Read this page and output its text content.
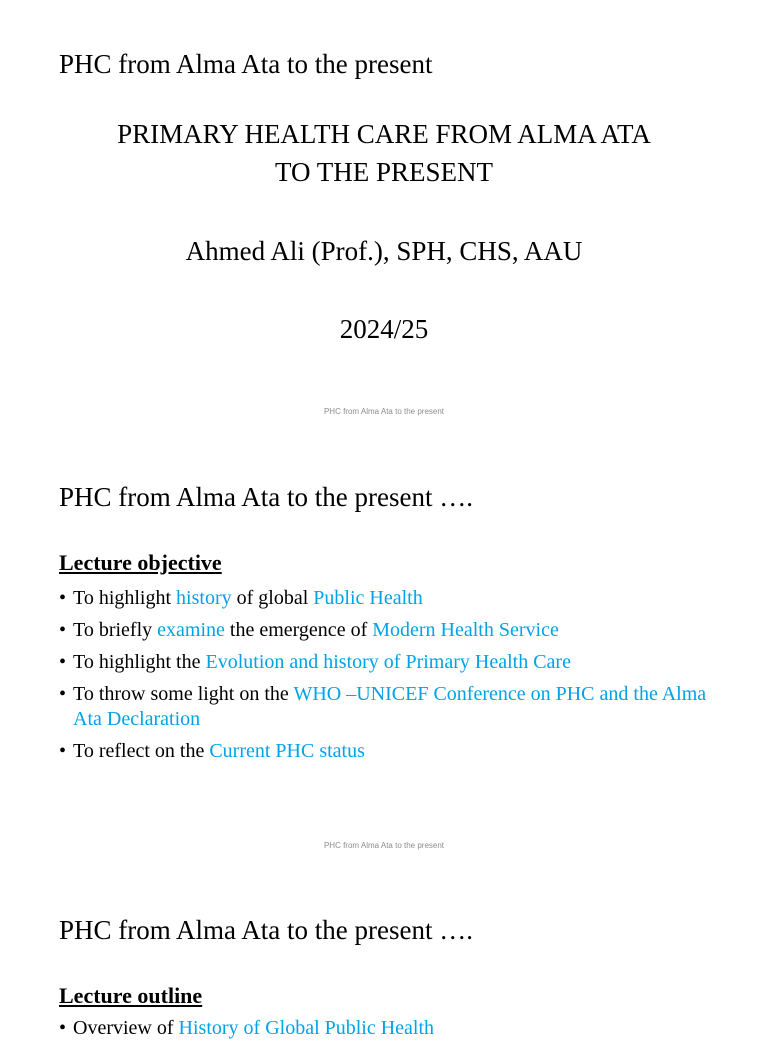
PHC from Alma Ata to the present
PRIMARY HEALTH CARE FROM ALMA ATA
TO THE PRESENT
Ahmed Ali (Prof.), SPH, CHS, AAU
2024/25
PHC from Alma Ata to the present
PHC from Alma Ata to the present ….
Lecture objective
• To highlight history of global Public Health
• To briefly examine the emergence of Modern Health Service
• To highlight the Evolution and history of Primary Health Care
• To throw some light on the WHO –UNICEF Conference on PHC and the Alma Ata Declaration
• To reflect on the Current PHC status
PHC from Alma Ata to the present
PHC from Alma Ata to the present ….
Lecture outline
• Overview of History of Global Public Health
